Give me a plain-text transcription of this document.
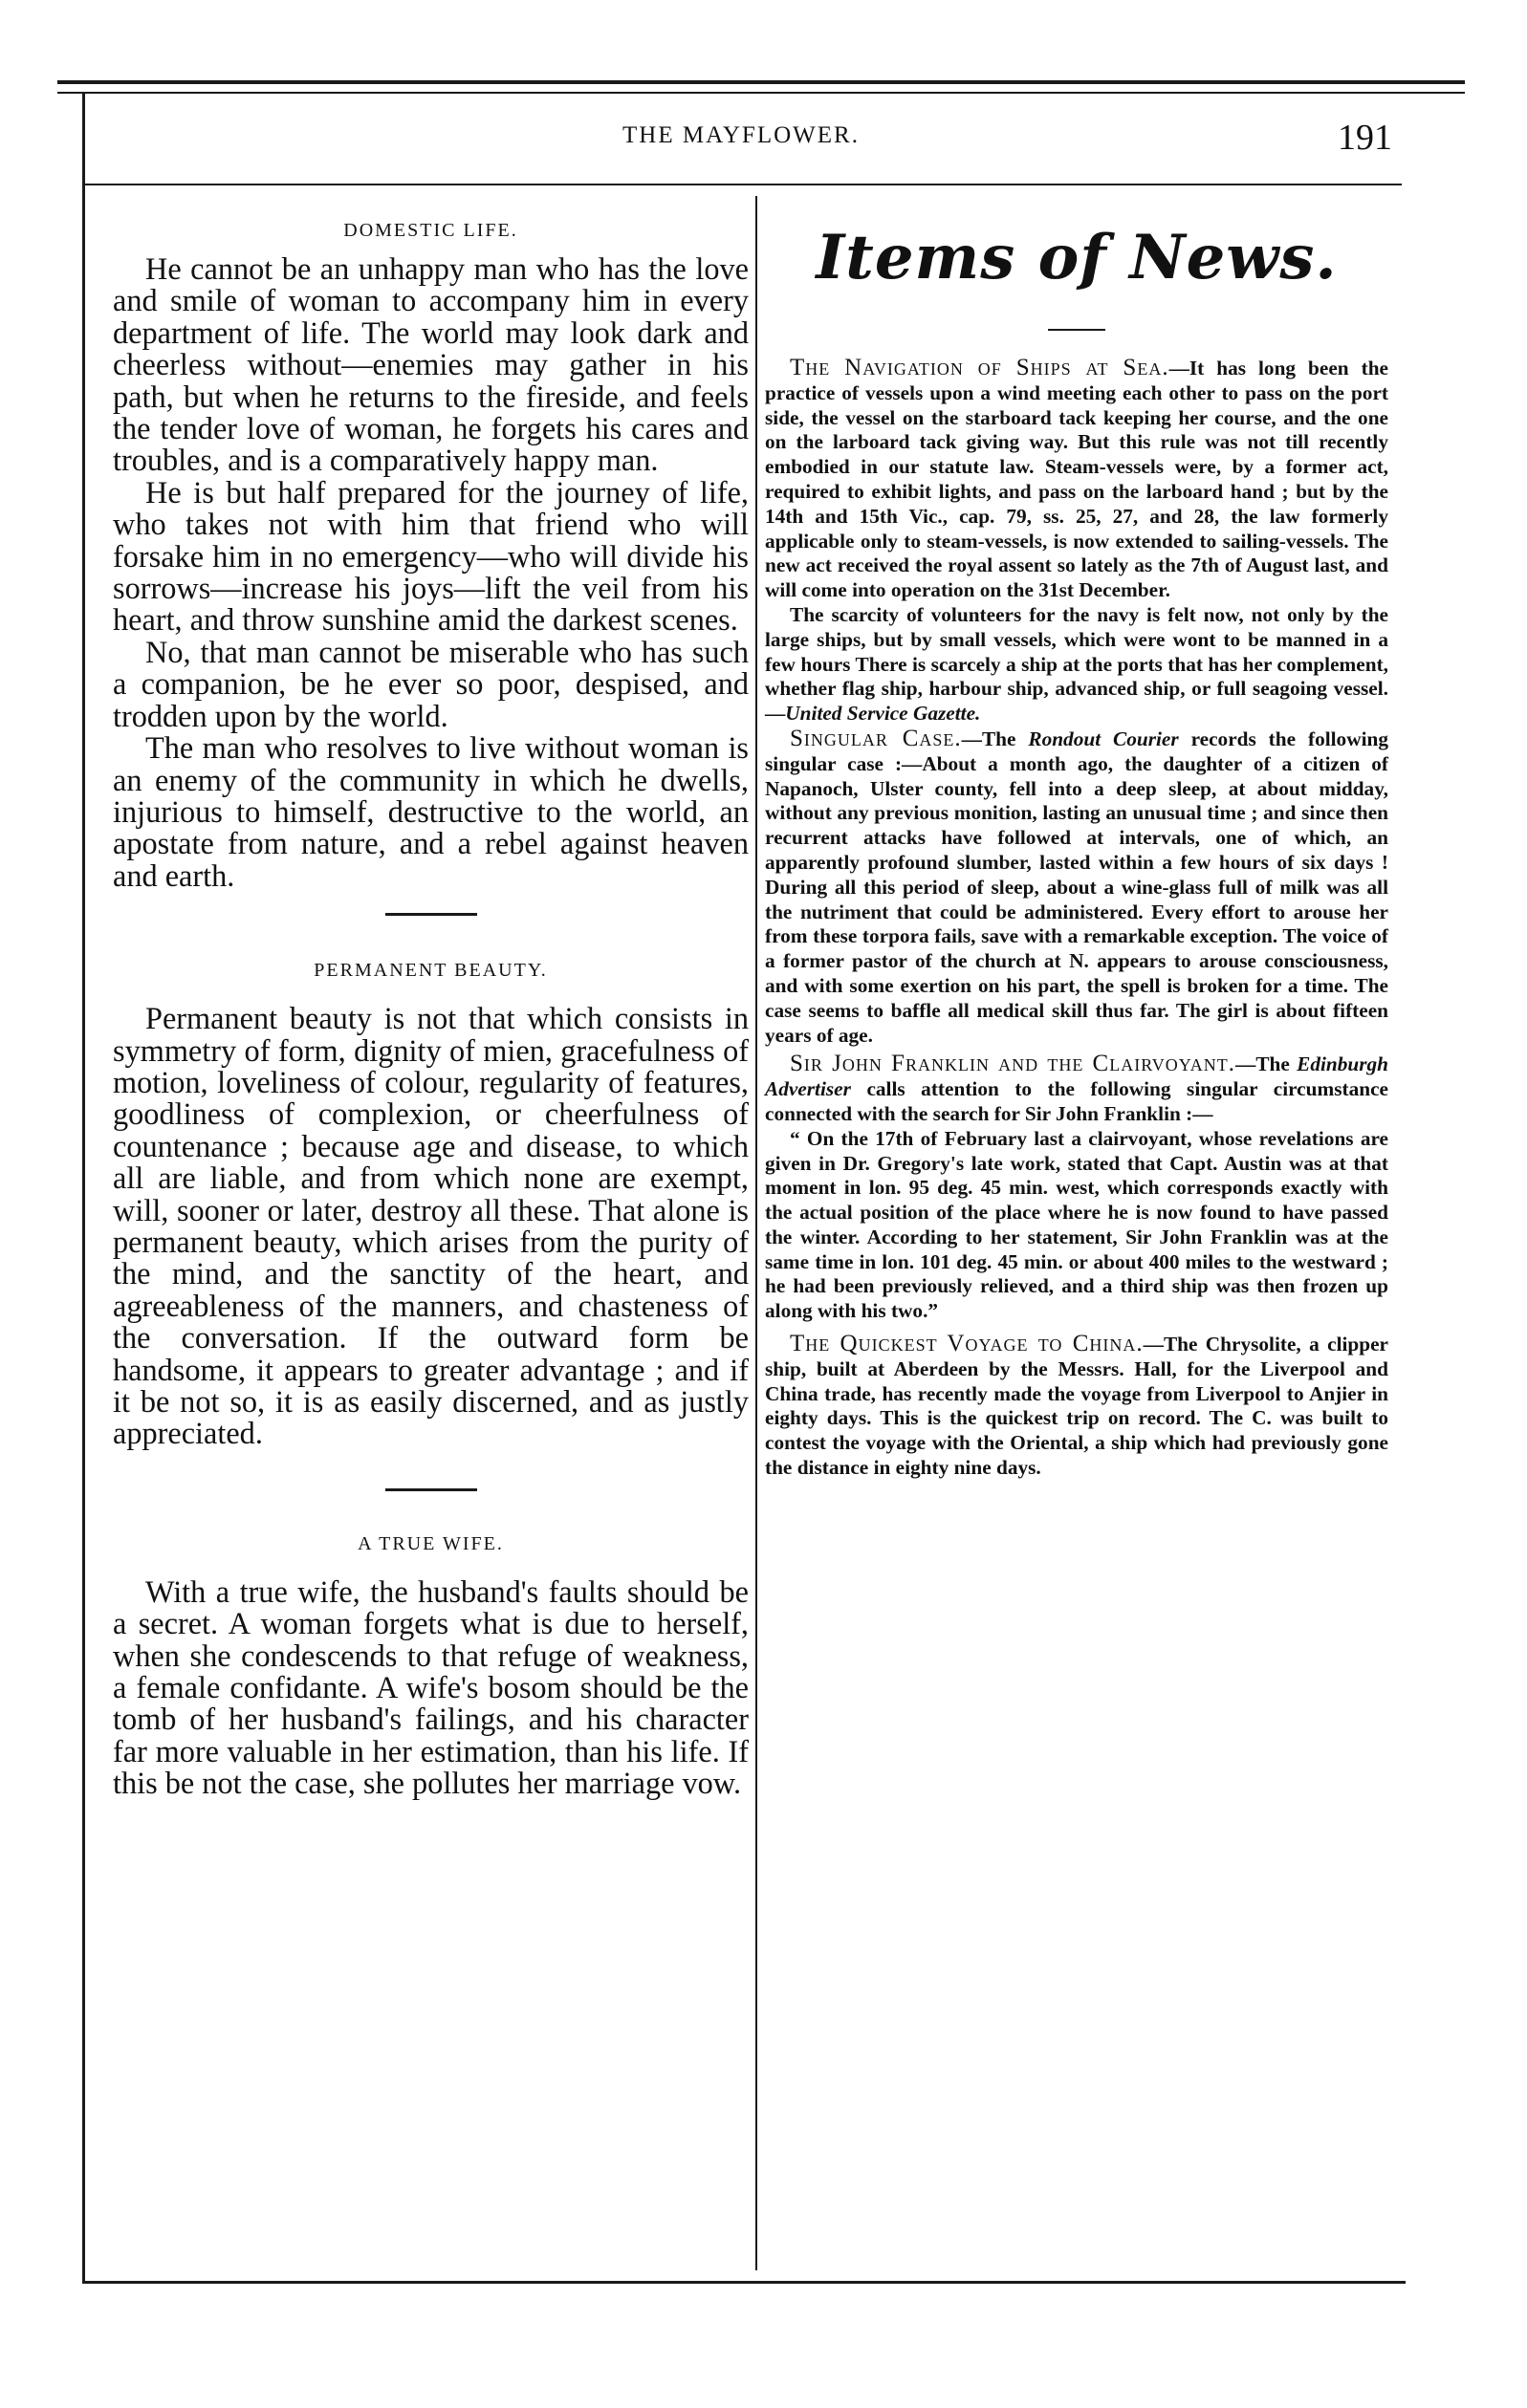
THE MAYFLOWER.	191
DOMESTIC LIFE.

He cannot be an unhappy man who has the love and smile of woman to accompany him in every department of life. The world may look dark and cheerless without—enemies may gather in his path, but when he returns to the fireside, and feels the tender love of woman, he forgets his cares and troubles, and is a comparatively happy man.

He is but half prepared for the journey of life, who takes not with him that friend who will forsake him in no emergency—who will divide his sorrows—increase his joys—lift the veil from his heart, and throw sunshine amid the darkest scenes.

No, that man cannot be miserable who has such a companion, be he ever so poor, despised, and trodden upon by the world.

The man who resolves to live without woman is an enemy of the community in which he dwells, injurious to himself, destructive to the world, an apostate from nature, and a rebel against heaven and earth.

PERMANENT BEAUTY.

Permanent beauty is not that which consists in symmetry of form, dignity of mien, gracefulness of motion, loveliness of colour, regularity of features, goodliness of complexion, or cheerfulness of countenance ; because age and disease, to which all are liable, and from which none are exempt, will, sooner or later, destroy all these. That alone is permanent beauty, which arises from the purity of the mind, and the sanctity of the heart, and agreeableness of the manners, and chasteness of the conversation. If the outward form be handsome, it appears to greater advantage ; and if it be not so, it is as easily discerned, and as justly appreciated.

A TRUE WIFE.

With a true wife, the husband's faults should be a secret. A woman forgets what is due to herself, when she condescends to that refuge of weakness, a female confidante. A wife's bosom should be the tomb of her husband's failings, and his character far more valuable in her estimation, than his life. If this be not the case, she pollutes her marriage vow.

Items of News.

The Navigation of Ships at Sea.—It has long been the practice of vessels upon a wind meeting each other to pass on the port side, the vessel on the starboard tack keeping her course, and the one on the larboard tack giving way. But this rule was not till recently embodied in our statute law. Steam-vessels were, by a former act, required to exhibit lights, and pass on the larboard hand ; but by the 14th and 15th Vic., cap. 79, ss. 25, 27, and 28, the law formerly applicable only to steam-vessels, is now extended to sailing-vessels. The new act received the royal assent so lately as the 7th of August last, and will come into operation on the 31st December.

The scarcity of volunteers for the navy is felt now, not only by the large ships, but by small vessels, which were wont to be manned in a few hours There is scarcely a ship at the ports that has her complement, whether flag ship, harbour ship, advanced ship, or full seagoing vessel.—United Service Gazette.

Singular Case.—The Rondout Courier records the following singular case :—About a month ago, the daughter of a citizen of Napanoch, Ulster county, fell into a deep sleep, at about midday, without any previous monition, lasting an unusual time ; and since then recurrent attacks have followed at intervals, one of which, an apparently profound slumber, lasted within a few hours of six days ! During all this period of sleep, about a wine-glass full of milk was all the nutriment that could be administered. Every effort to arouse her from these torpora fails, save with a remarkable exception. The voice of a former pastor of the church at N. appears to arouse consciousness, and with some exertion on his part, the spell is broken for a time. The case seems to baffle all medical skill thus far. The girl is about fifteen years of age.

Sir John Franklin and the Clairvoyant.—The Edinburgh Advertiser calls attention to the following singular circumstance connected with the search for Sir John Franklin :—

“ On the 17th of February last a clairvoyant, whose revelations are given in Dr. Gregory's late work, stated that Capt. Austin was at that moment in lon. 95 deg. 45 min. west, which corresponds exactly with the actual position of the place where he is now found to have passed the winter. According to her statement, Sir John Franklin was at the same time in lon. 101 deg. 45 min. or about 400 miles to the westward ; he had been previously relieved, and a third ship was then frozen up along with his two.”

The Quickest Voyage to China.—The Chrysolite, a clipper ship, built at Aberdeen by the Messrs. Hall, for the Liverpool and China trade, has recently made the voyage from Liverpool to Anjier in eighty days. This is the quickest trip on record. The C. was built to contest the voyage with the Oriental, a ship which had previously gone the distance in eighty nine days.
